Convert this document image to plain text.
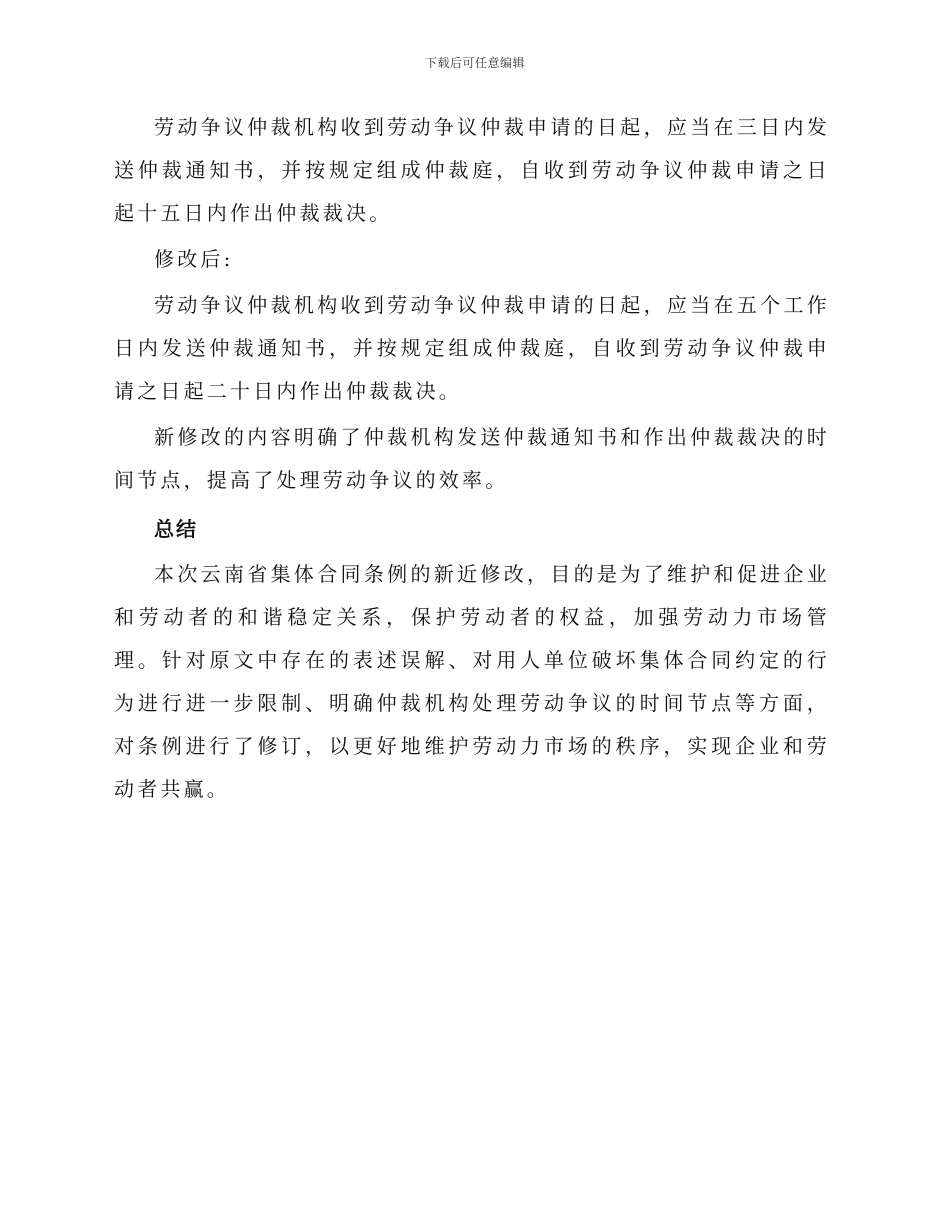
下载后可任意编辑

劳动争议仲裁机构收到劳动争议仲裁申请的日起，应当在三日内发送仲裁通知书，并按规定组成仲裁庭，自收到劳动争议仲裁申请之日起十五日内作出仲裁裁决。

修改后:

劳动争议仲裁机构收到劳动争议仲裁申请的日起，应当在五个工作日内发送仲裁通知书，并按规定组成仲裁庭，自收到劳动争议仲裁申请之日起二十日内作出仲裁裁决。

新修改的内容明确了仲裁机构发送仲裁通知书和作出仲裁裁决的时间节点，提高了处理劳动争议的效率。

总结

本次云南省集体合同条例的新近修改，目的是为了维护和促进企业和劳动者的和谐稳定关系，保护劳动者的权益，加强劳动力市场管理。针对原文中存在的表述误解、对用人单位破坏集体合同约定的行为进行进一步限制、明确仲裁机构处理劳动争议的时间节点等方面，对条例进行了修订，以更好地维护劳动力市场的秩序，实现企业和劳动者共赢。
